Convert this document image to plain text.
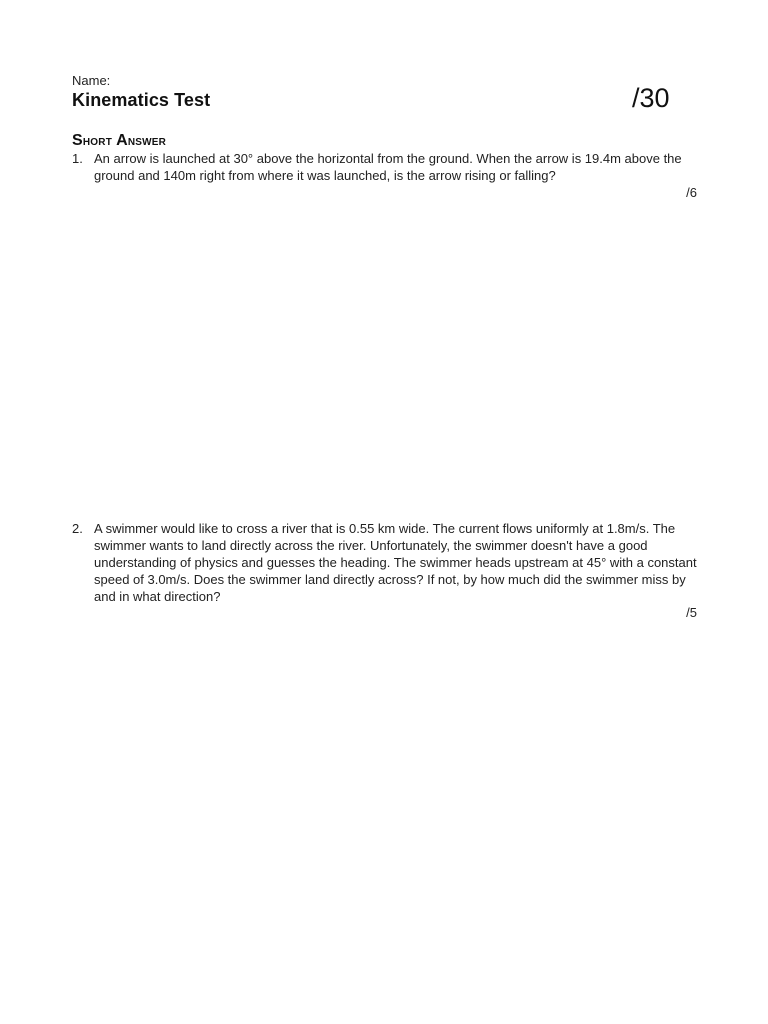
Name:
Kinematics Test	/30
Short Answer
1. An arrow is launched at 30° above the horizontal from the ground. When the arrow is 19.4m above the ground and 140m right from where it was launched, is the arrow rising or falling?
/6
2. A swimmer would like to cross a river that is 0.55 km wide. The current flows uniformly at 1.8m/s. The swimmer wants to land directly across the river. Unfortunately, the swimmer doesn't have a good understanding of physics and guesses the heading. The swimmer heads upstream at 45° with a constant speed of 3.0m/s. Does the swimmer land directly across? If not, by how much did the swimmer miss by and in what direction?
/5
